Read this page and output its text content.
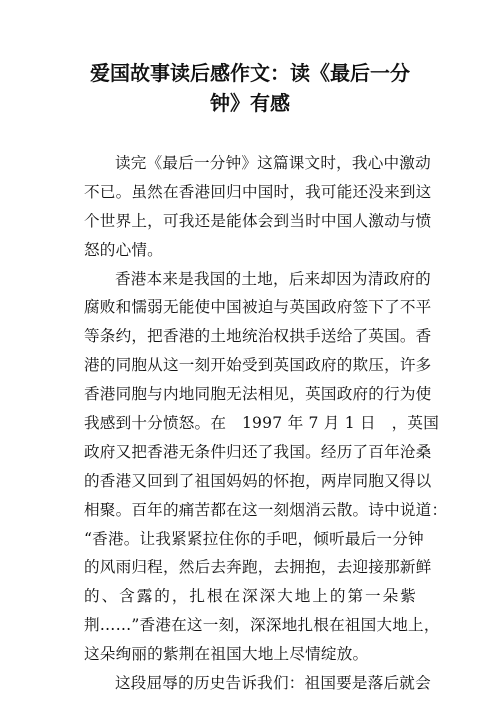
爱国故事读后感作文：读《最后一分
钟》有感
读完《最后一分钟》这篇课文时，我心中激动
不已。虽然在香港回归中国时，我可能还没来到这
个世界上，可我还是能体会到当时中国人激动与愤
怒的心情。
香港本来是我国的土地，后来却因为清政府的
腐败和懦弱无能使中国被迫与英国政府签下了不平
等条约，把香港的土地统治权拱手送给了英国。香
港的同胞从这一刻开始受到英国政府的欺压，许多
香港同胞与内地同胞无法相见，英国政府的行为使
我感到十分愤怒。在　1997 年 7 月 1 日　，英国
政府又把香港无条件归还了我国。经历了百年沧桑
的香港又回到了祖国妈妈的怀抱，两岸同胞又得以
相聚。百年的痛苦都在这一刻烟消云散。诗中说道：
“香港。让我紧紧拉住你的手吧，倾听最后一分钟
的风雨归程，然后去奔跑，去拥抱，去迎接那新鲜
的、含露的，扎根在深深大地上的第一朵紫
荆……”香港在这一刻，深深地扎根在祖国大地上，
这朵绚丽的紫荆在祖国大地上尽情绽放。
这段屈辱的历史告诉我们：祖国要是落后就会
